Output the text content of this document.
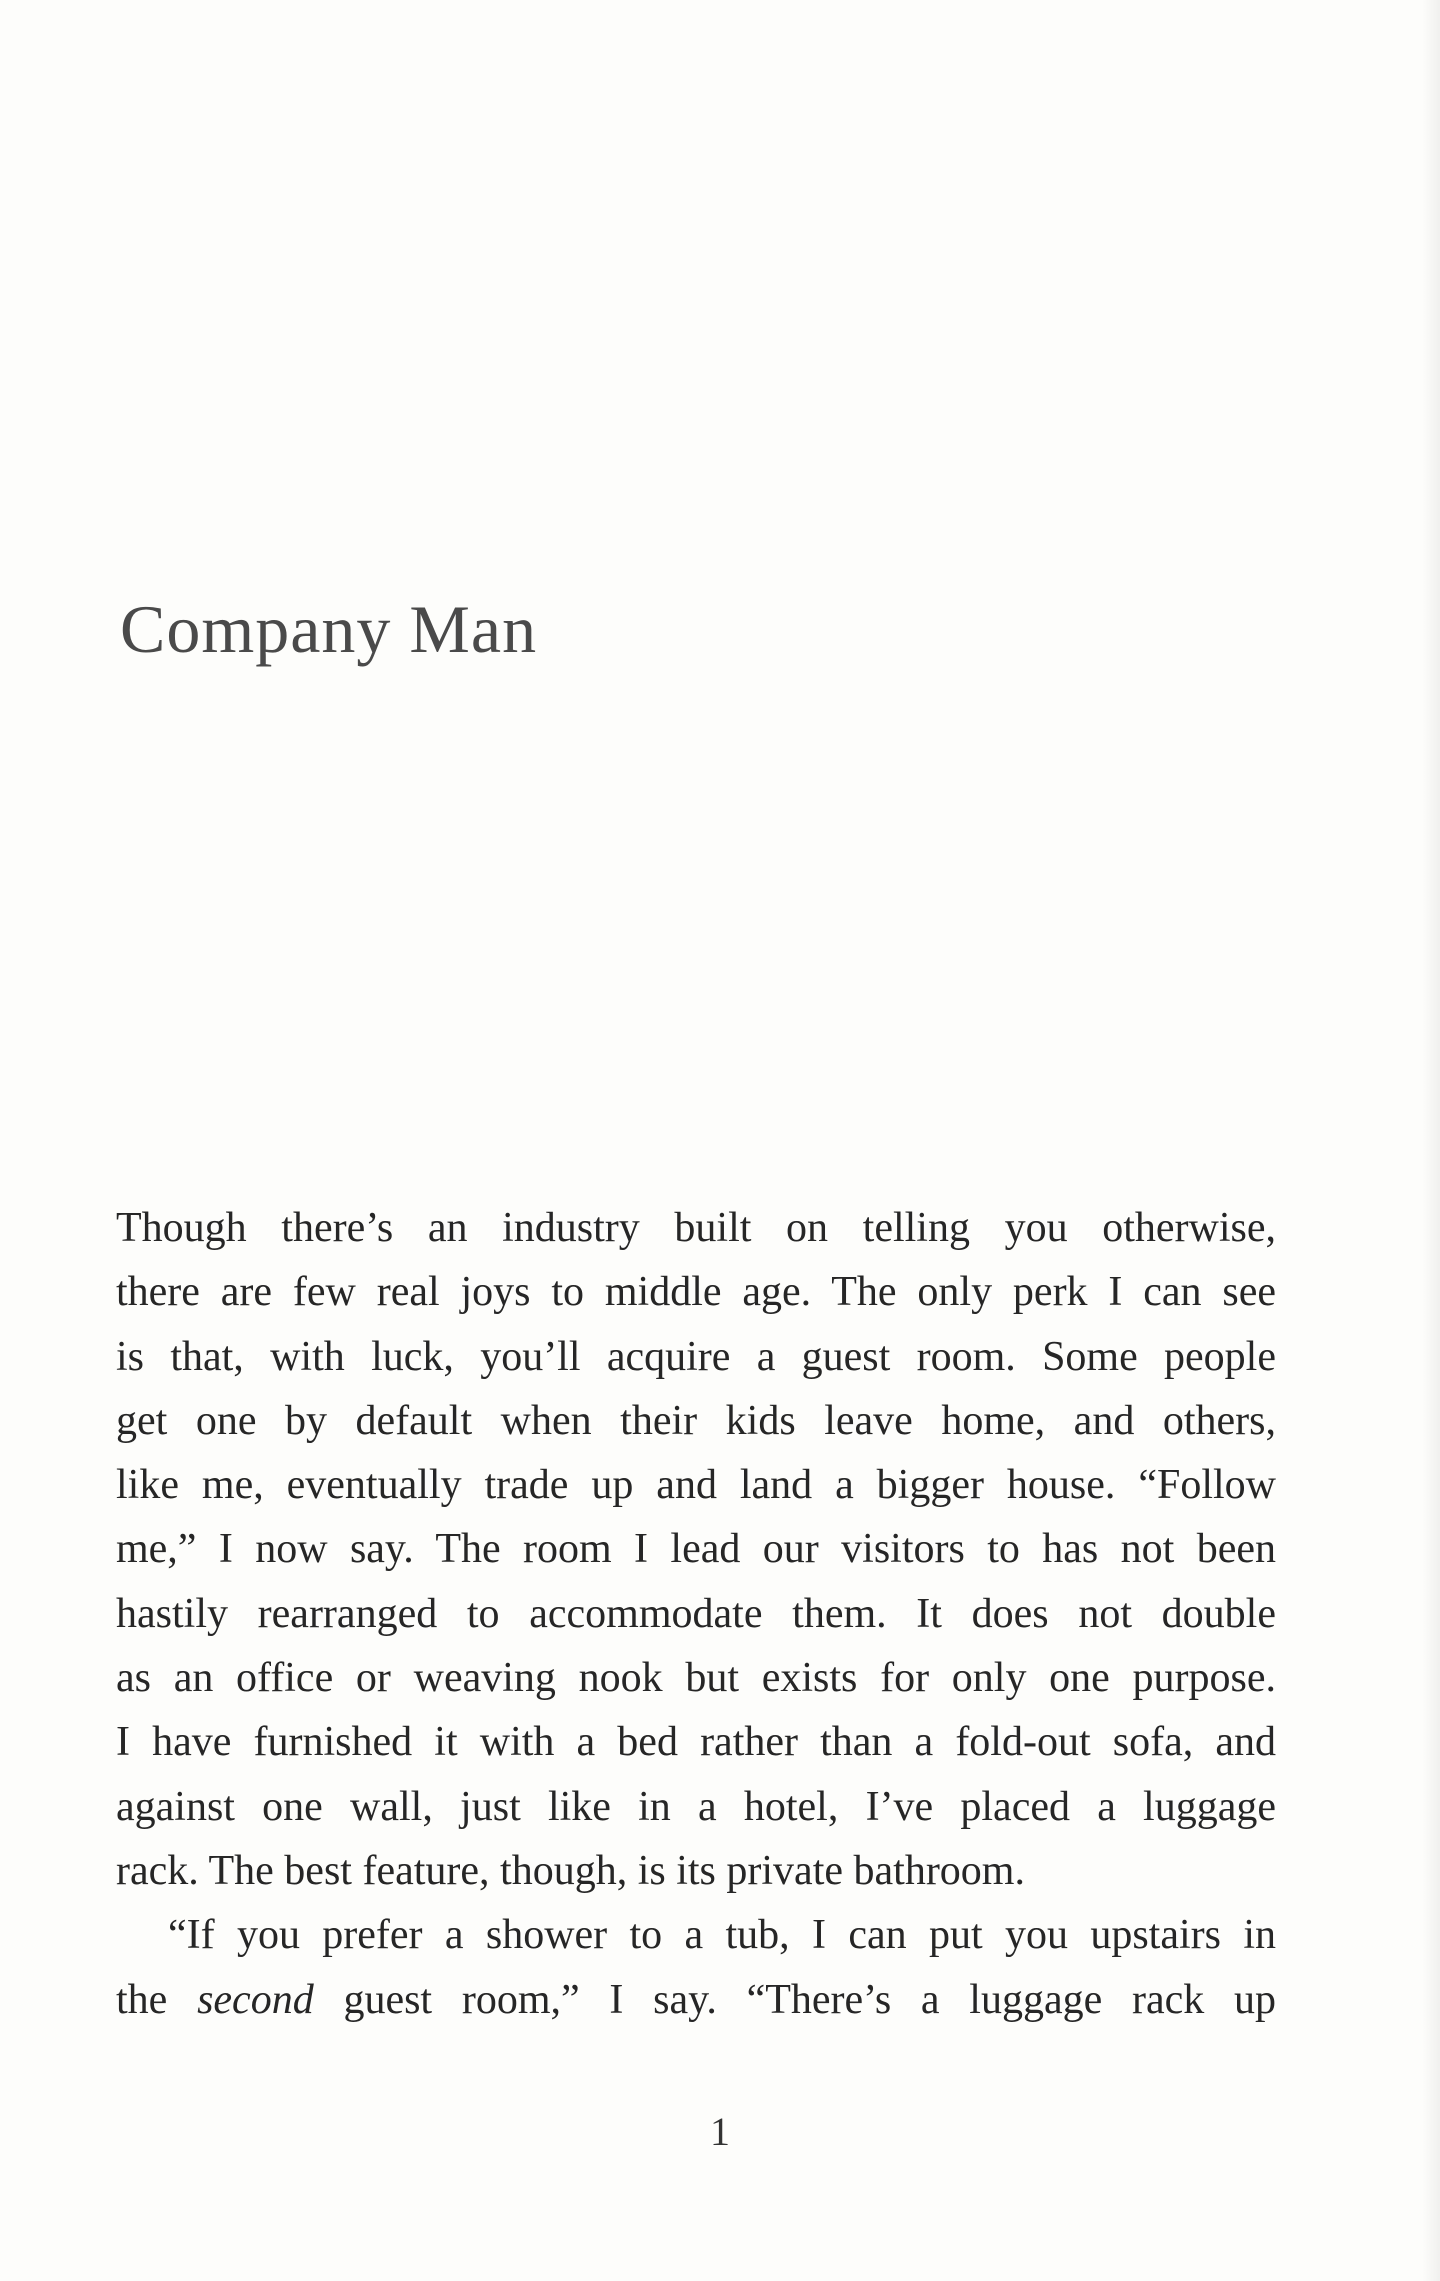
Company Man

Though there’s an industry built on telling you otherwise,
there are few real joys to middle age. The only perk I can see
is that, with luck, you’ll acquire a guest room. Some people
get one by default when their kids leave home, and others,
like me, eventually trade up and land a bigger house. “Follow
me,” I now say. The room I lead our visitors to has not been
hastily rearranged to accommodate them. It does not double
as an office or weaving nook but exists for only one purpose.
I have furnished it with a bed rather than a fold-out sofa, and
against one wall, just like in a hotel, I’ve placed a luggage
rack. The best feature, though, is its private bathroom.

“If you prefer a shower to a tub, I can put you upstairs in
the second guest room,” I say. “There’s a luggage rack up

1
